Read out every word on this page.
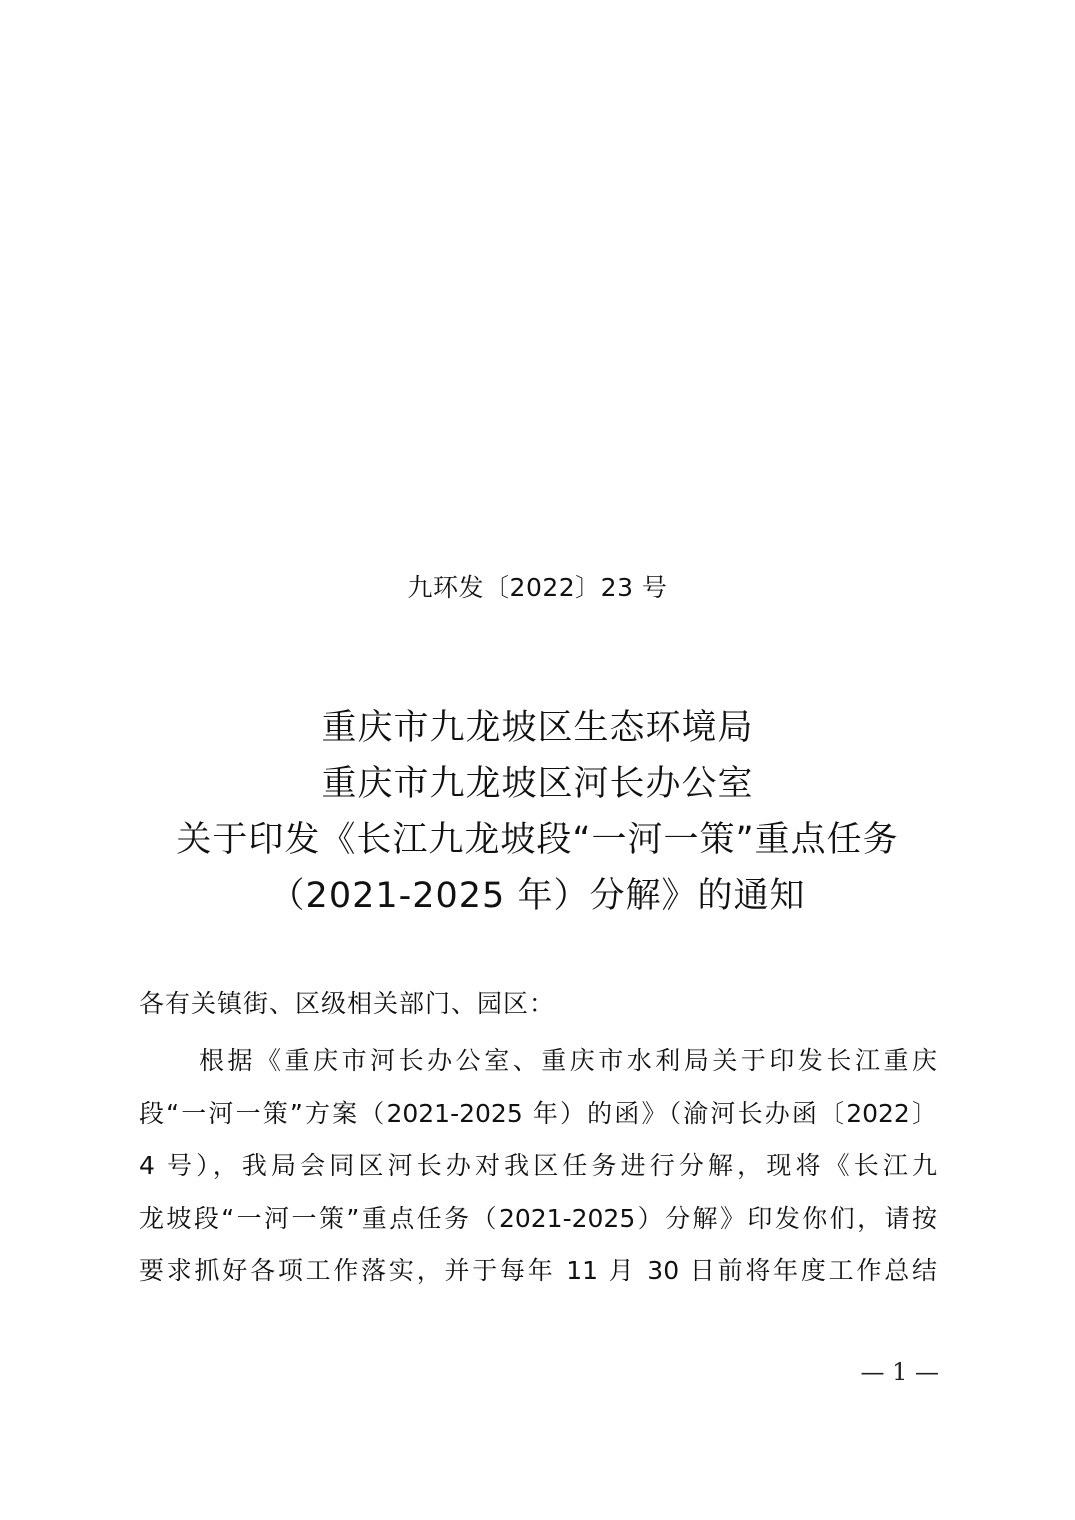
九环发〔2022〕23 号
重庆市九龙坡区生态环境局
重庆市九龙坡区河长办公室
关于印发《长江九龙坡段“一河一策”重点任务
（2021-2025 年）分解》的通知
各有关镇街、区级相关部门、园区：
根据《重庆市河长办公室、重庆市水利局关于印发长江重庆
段“一河一策”方案（2021-2025 年）的函》（渝河长办函〔2022〕
4 号），我局会同区河长办对我区任务进行分解，现将《长江九
龙坡段“一河一策”重点任务（2021-2025）分解》印发你们，请按
要求抓好各项工作落实，并于每年 11 月 30 日前将年度工作总结
— 1 —
